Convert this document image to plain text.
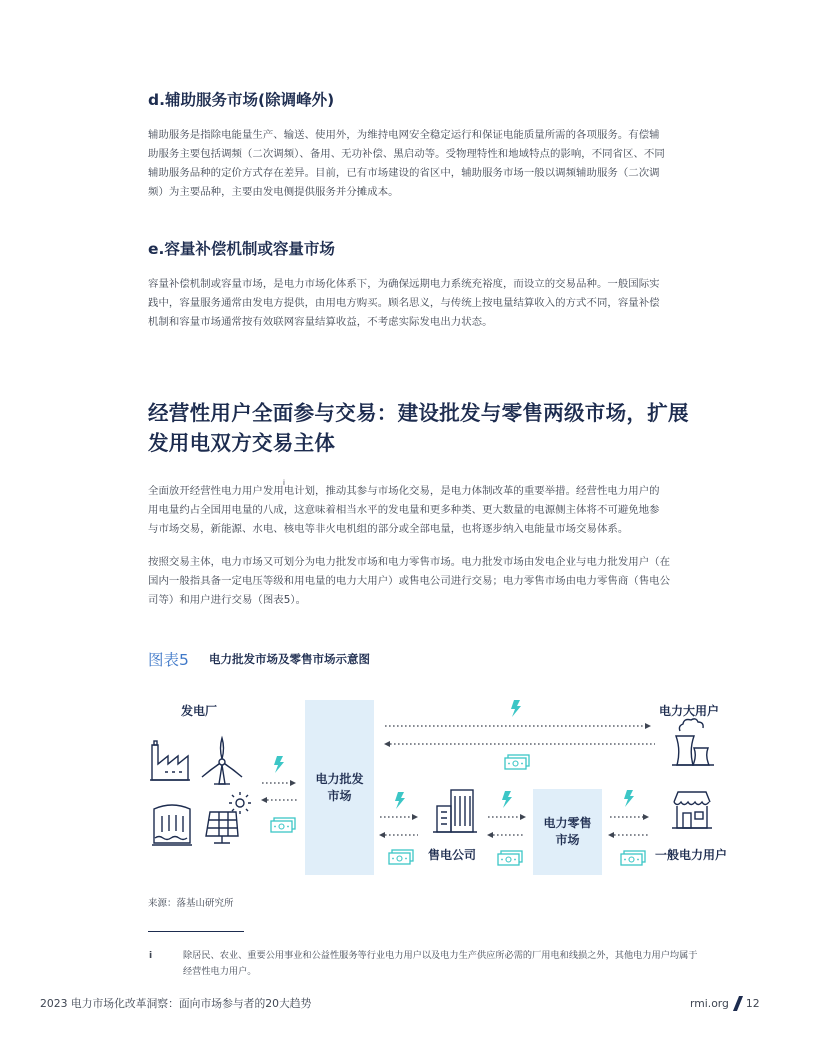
d.辅助服务市场(除调峰外)
辅助服务是指除电能量生产、输送、使用外，为维持电网安全稳定运行和保证电能质量所需的各项服务。有偿辅
助服务主要包括调频（二次调频）、备用、无功补偿、黑启动等。受物理特性和地域特点的影响，不同省区、不同
辅助服务品种的定价方式存在差异。目前，已有市场建设的省区中，辅助服务市场一般以调频辅助服务（二次调
频）为主要品种，主要由发电侧提供服务并分摊成本。
e.容量补偿机制或容量市场
容量补偿机制或容量市场，是电力市场化体系下，为确保远期电力系统充裕度，而设立的交易品种。一般国际实
践中，容量服务通常由发电方提供，由用电方购买。顾名思义，与传统上按电量结算收入的方式不同，容量补偿
机制和容量市场通常按有效联网容量结算收益，不考虑实际发电出力状态。
经营性用户全面参与交易：建设批发与零售两级市场，扩展
发用电双方交易主体
全面放开经营性电力用户发用电计划，推动其参与市场化交易，是电力体制改革的重要举措。经营性电力用户的
用电量约占全国用电量的八成，这意味着相当水平的发电量和更多种类、更大数量的电源侧主体将不可避免地参
与市场交易，新能源、水电、核电等非火电机组的部分或全部电量，也将逐步纳入电能量市场交易体系。
i
按照交易主体，电力市场又可划分为电力批发市场和电力零售市场。电力批发市场由发电企业与电力批发用户（在
国内一般指具备一定电压等级和用电量的电力大用户）或售电公司进行交易；电力零售市场由电力零售商（售电公
司等）和用户进行交易（图表5）。
图表5 电力批发市场及零售市场示意图
电力批发
市场
电力零售
市场
发电厂	电力大用户
售电公司	一般电力用户
来源：落基山研究所
i	除居民、农业、重要公用事业和公益性服务等行业电力用户以及电力生产供应所必需的厂用电和线损之外，其他电力用户均属于
经营性电力用户。
2023 电力市场化改革洞察：面向市场参与者的20大趋势	rmi.org 12
